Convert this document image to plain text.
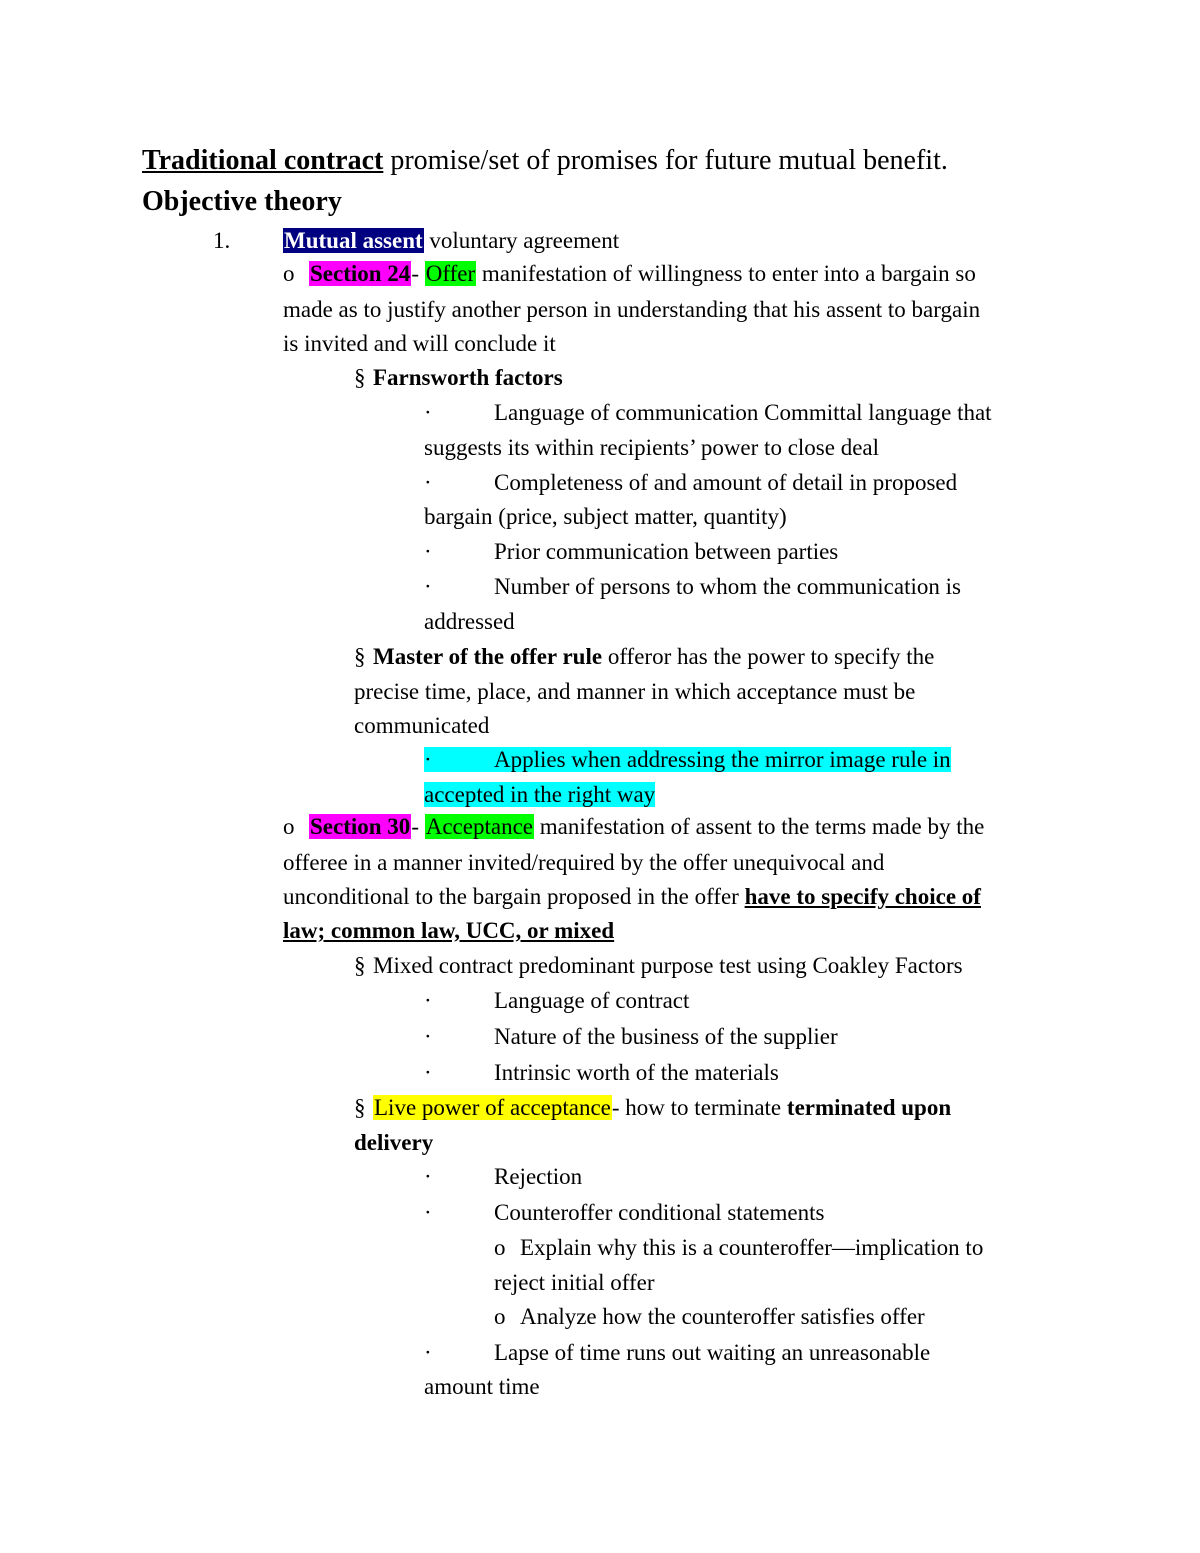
Traditional contract promise/set of promises for future mutual benefit.
Objective theory
1. Mutual assent voluntary agreement
o Section 24- Offer manifestation of willingness to enter into a bargain so
made as to justify another person in understanding that his assent to bargain
is invited and will conclude it
§ Farnsworth factors
·	Language of communication Committal language that
suggests its within recipients’ power to close deal
·	Completeness of and amount of detail in proposed
bargain (price, subject matter, quantity)
·	Prior communication between parties
·	Number of persons to whom the communication is
addressed
§ Master of the offer rule offeror has the power to specify the
precise time, place, and manner in which acceptance must be
communicated
·	Applies when addressing the mirror image rule in
accepted in the right way
o Section 30- Acceptance manifestation of assent to the terms made by the
offeree in a manner invited/required by the offer unequivocal and
unconditional to the bargain proposed in the offer have to specify choice of
law; common law, UCC, or mixed
§ Mixed contract predominant purpose test using Coakley Factors
·	Language of contract
·	Nature of the business of the supplier
·	Intrinsic worth of the materials
§ Live power of acceptance- how to terminate terminated upon
delivery
·	Rejection
·	Counteroffer conditional statements
o Explain why this is a counteroffer—implication to
reject initial offer
o Analyze how the counteroffer satisfies offer
·	Lapse of time runs out waiting an unreasonable
amount time
